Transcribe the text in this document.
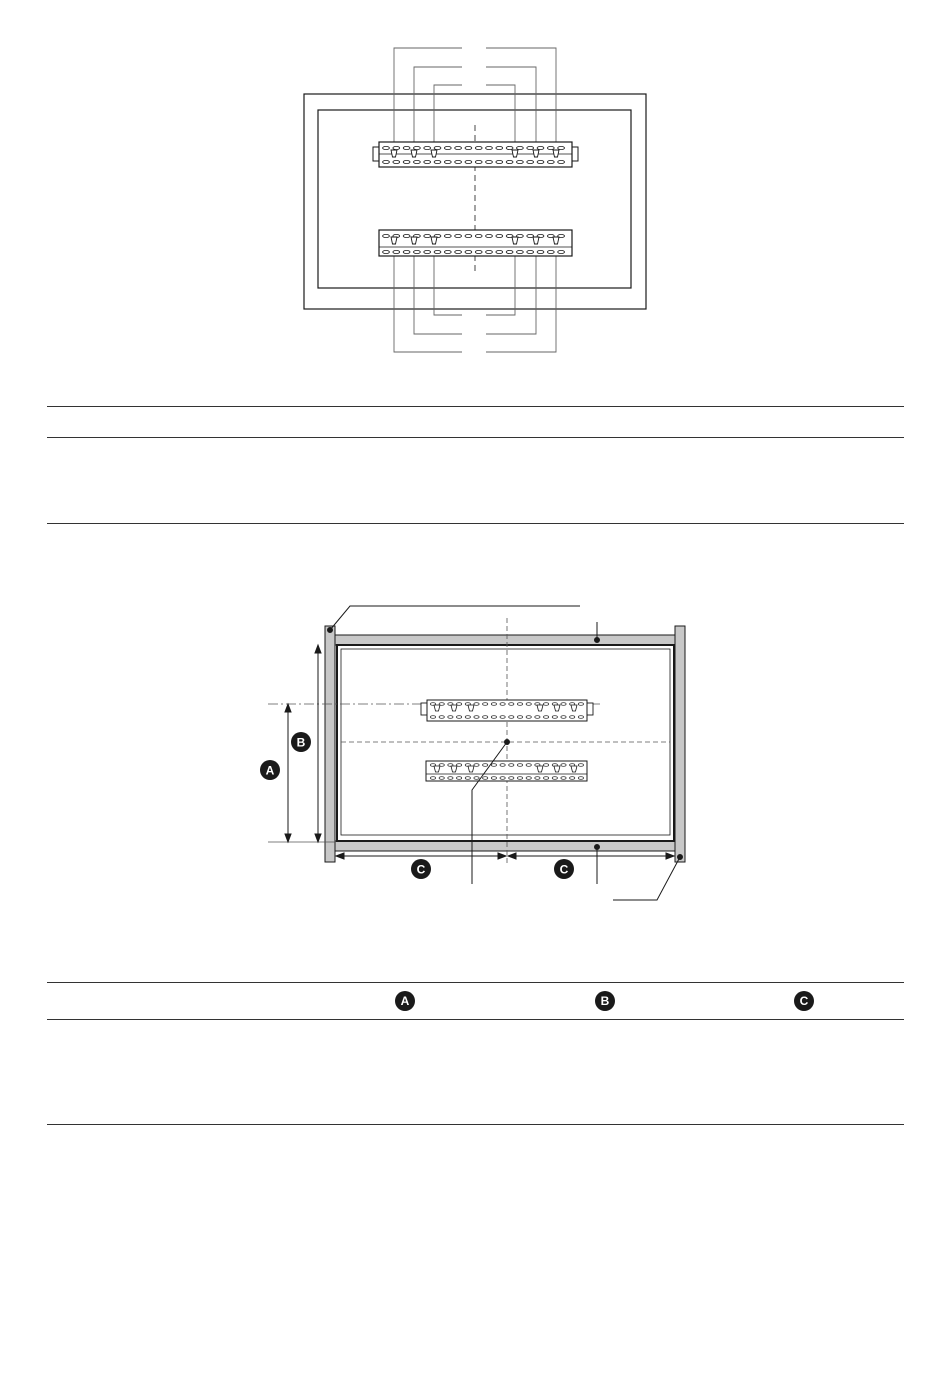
A
B
C	C
A	B	C
